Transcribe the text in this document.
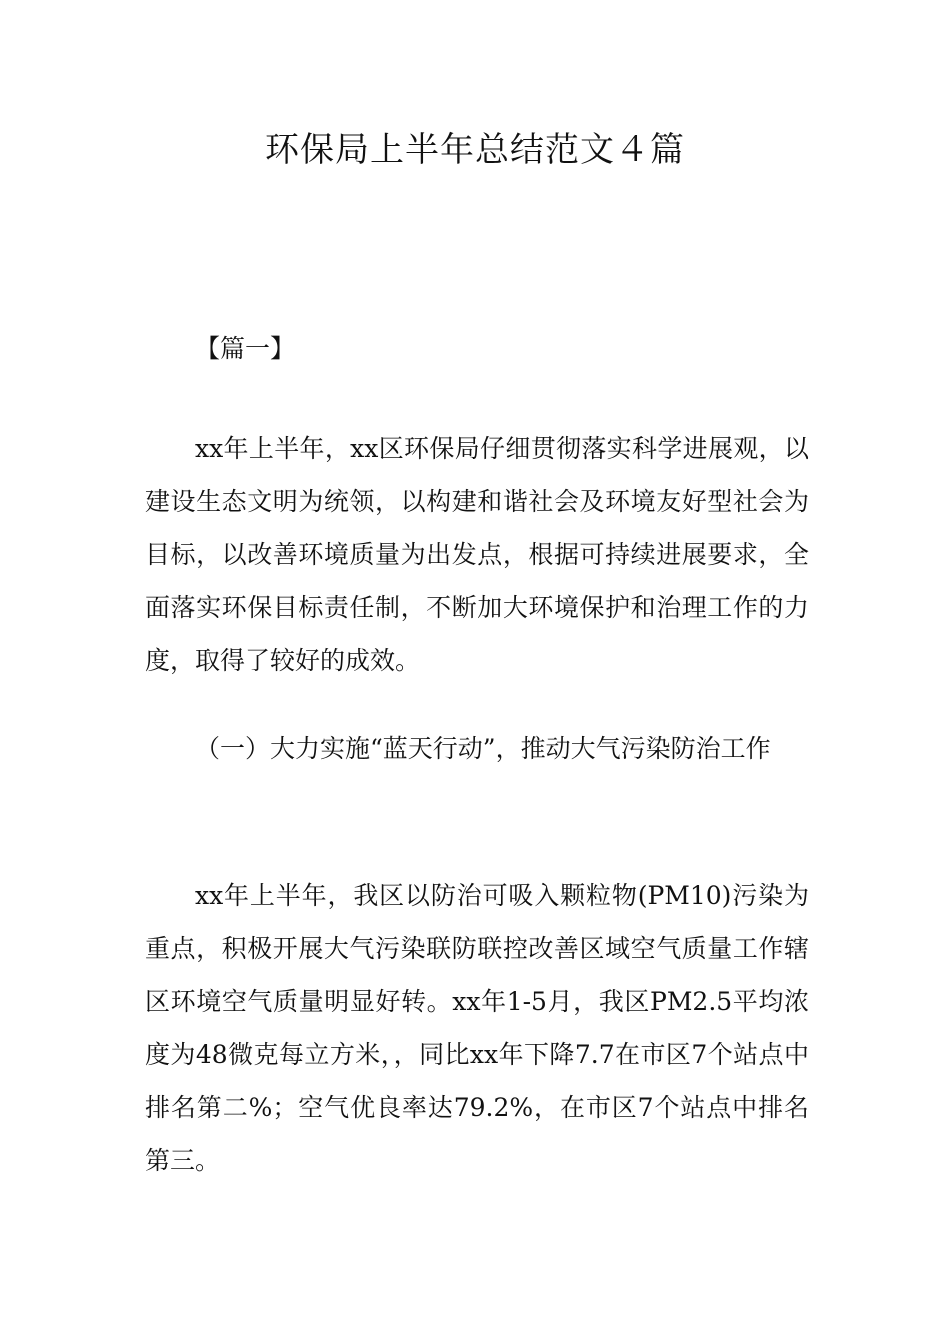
环保局上半年总结范文４篇
【篇一】

xx年上半年，xx区环保局仔细贯彻落实科学进展观，以建设生态文明为统领，以构建和谐社会及环境友好型社会为目标，以改善环境质量为出发点，根据可持续进展要求，全面落实环保目标责任制，不断加大环境保护和治理工作的力度，取得了较好的成效。

（一）大力实施“蓝天行动”，推动大气污染防治工作

xx年上半年，我区以防治可吸入颗粒物(PM10)污染为重点，积极开展大气污染联防联控改善区域空气质量工作辖区环境空气质量明显好转。xx年1-5月，我区PM2.5平均浓度为48微克每立方米，，同比xx年下降7.7在市区7个站点中排名第二%；空气优良率达79.2%，在市区7个站点中排名第三。
